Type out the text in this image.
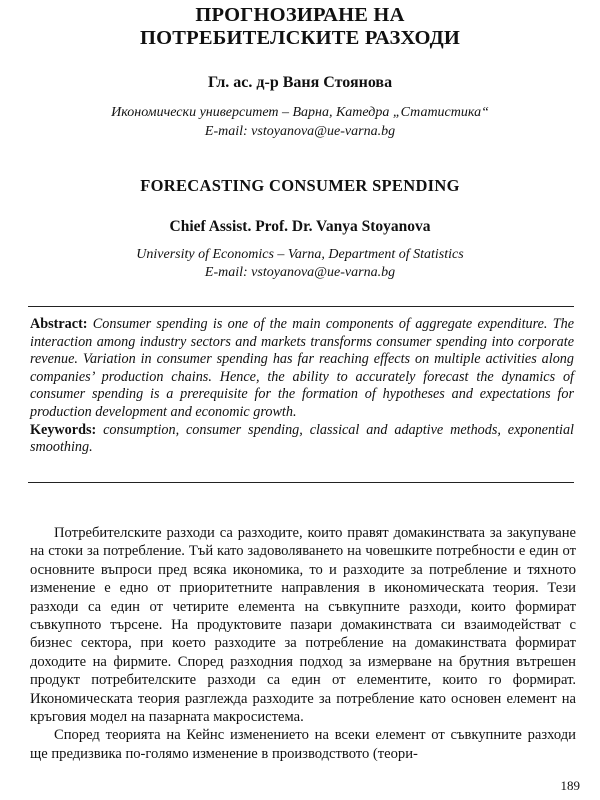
ПРОГНОЗИРАНЕ НА
ПОТРЕБИТЕЛСКИТЕ РАЗХОДИ
Гл. ас. д-р Ваня Стоянова
Икономически университет – Варна, Катедра „Статистика“
E-mail: vstoyanova@ue-varna.bg
FORECASTING CONSUMER SPENDING
Chief Assist. Prof. Dr. Vanya Stoyanova
University of Economics – Varna, Department of Statistics
E-mail: vstoyanova@ue-varna.bg
Abstract: Consumer spending is one of the main components of aggregate expenditure. The interaction among industry sectors and markets transforms consumer spending into corporate revenue. Variation in consumer spending has far reaching effects on multiple activities along companies’ production chains. Hence, the ability to accurately forecast the dynamics of consumer spending is a prerequisite for the formation of hypotheses and expectations for production development and economic growth.
Keywords: consumption, consumer spending, classical and adaptive methods, exponential smoothing.

Потребителските разходи са разходите, които правят домакинствата за закупуване на стоки за потребление. Тъй като задоволяването на човешките потребности е един от основните въпроси пред всяка икономика, то и разходите за потребление и тяхното изменение е едно от приоритетните направления в икономическата теория. Тези разходи са един от четирите елемента на съвкупните разходи, които формират съвкупното търсене. На продуктовите пазари домакинствата си взаимодействат с бизнес сектора, при което разходите за потребление на домакинствата формират доходите на фирмите. Според разходния подход за измерване на брутния вътрешен продукт потребителските разходи са един от елементите, които го формират. Икономическата теория разглежда разходите за потребление като основен елемент на кръговия модел на пазарната макросистема.

Според теорията на Кейнс изменението на всеки елемент от съвкупните разходи ще предизвика по-голямо изменение в производството (теори-

189
